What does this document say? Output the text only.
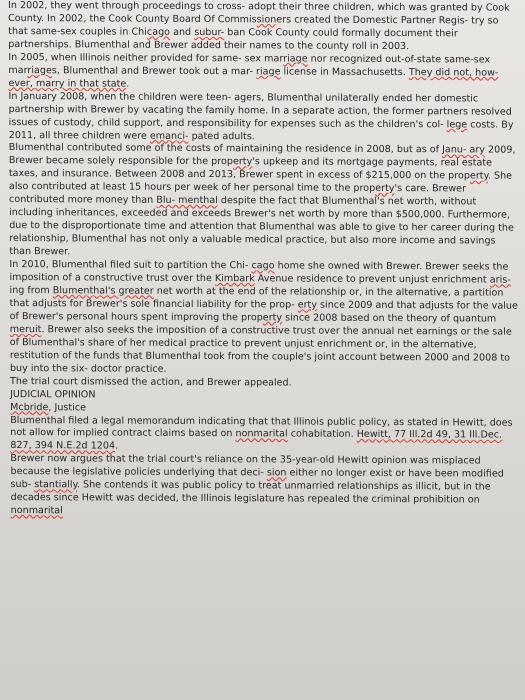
In 2002, they went through proceedings to cross- adopt their three children, which was granted by Cook County. In 2002, the Cook County Board Of Commissioners created the Domestic Partner Regis- try so that same-sex couples in Chicago and subur- ban Cook County could formally document their partnerships. Blumenthal and Brewer added their names to the county roll in 2003.

In 2005, when Illinois neither provided for same- sex marriage nor recognized out-of-state same-sex marriages, Blumenthal and Brewer took out a mar- riage license in Massachusetts. They did not, how- ever, marry in that state.

In January 2008, when the children were teen- agers, Blumenthal unilaterally ended her domestic partnership with Brewer by vacating the family home. In a separate action, the former partners resolved issues of custody, child support, and responsibility for expenses such as the children's col- lege costs. By 2011, all three children were emanci- pated adults.

Blumenthal contributed some of the costs of maintaining the residence in 2008, but as of Janu- ary 2009, Brewer became solely responsible for the property's upkeep and its mortgage payments, real estate taxes, and insurance. Between 2008 and 2013, Brewer spent in excess of $215,000 on the property. She also contributed at least 15 hours per week of her personal time to the property's care. Brewer contributed more money than Blu- menthal despite the fact that Blumenthal's net worth, without including inheritances, exceeded and exceeds Brewer's net worth by more than $500,000. Furthermore, due to the disproportionate time and attention that Blumenthal was able to give to her career during the relationship, Blumenthal has not only a valuable medical practice, but also more income and savings than Brewer.

In 2010, Blumenthal filed suit to partition the Chi- cago home she owned with Brewer. Brewer seeks the imposition of a constructive trust over the Kimbark Avenue residence to prevent unjust enrichment aris- ing from Blumenthal's greater net worth at the end of the relationship or, in the alternative, a partition that adjusts for Brewer's sole financial liability for the prop- erty since 2009 and that adjusts for the value of Brewer's personal hours spent improving the property since 2008 based on the theory of quantum meruit. Brewer also seeks the imposition of a constructive trust over the annual net earnings or the sale of Blumenthal's share of her medical practice to prevent unjust enrichment or, in the alternative, restitution of the funds that Blumenthal took from the couple's joint account between 2000 and 2008 to buy into the six- doctor practice.

The trial court dismissed the action, and Brewer appealed.

JUDICIAL OPINION

Mcbride, Justice

Blumenthal filed a legal memorandum indicating that that Illinois public policy, as stated in Hewitt, does not allow for implied contract claims based on nonmarital cohabitation. Hewitt, 77 Ill.2d 49, 31 Ill.Dec. 827, 394 N.E.2d 1204.

Brewer now argues that the trial court's reliance on the 35-year-old Hewitt opinion was misplaced because the legislative policies underlying that deci- sion either no longer exist or have been modified sub- stantially. She contends it was public policy to treat unmarried relationships as illicit, but in the decades since Hewitt was decided, the Illinois legislature has repealed the criminal prohibition on nonmarital
